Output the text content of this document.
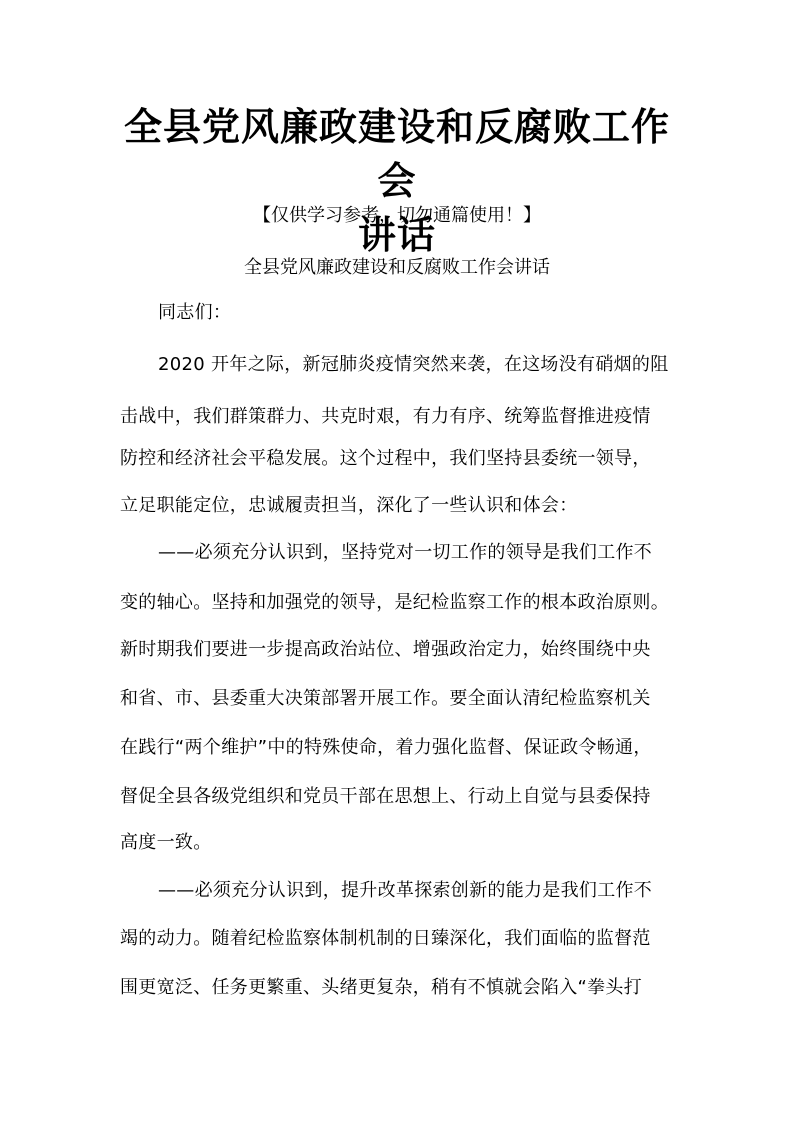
全县党风廉政建设和反腐败工作会
讲话
【仅供学习参考，切勿通篇使用！】
全县党风廉政建设和反腐败工作会讲话
同志们：
2020 开年之际，新冠肺炎疫情突然来袭，在这场没有硝烟的阻
击战中，我们群策群力、共克时艰，有力有序、统筹监督推进疫情
防控和经济社会平稳发展。这个过程中，我们坚持县委统一领导，
立足职能定位，忠诚履责担当，深化了一些认识和体会：
——必须充分认识到，坚持党对一切工作的领导是我们工作不
变的轴心。坚持和加强党的领导，是纪检监察工作的根本政治原则。
新时期我们要进一步提高政治站位、增强政治定力，始终围绕中央
和省、市、县委重大决策部署开展工作。要全面认清纪检监察机关
在践行“两个维护”中的特殊使命，着力强化监督、保证政令畅通，
督促全县各级党组织和党员干部在思想上、行动上自觉与县委保持
高度一致。
——必须充分认识到，提升改革探索创新的能力是我们工作不
竭的动力。随着纪检监察体制机制的日臻深化，我们面临的监督范
围更宽泛、任务更繁重、头绪更复杂，稍有不慎就会陷入“拳头打
